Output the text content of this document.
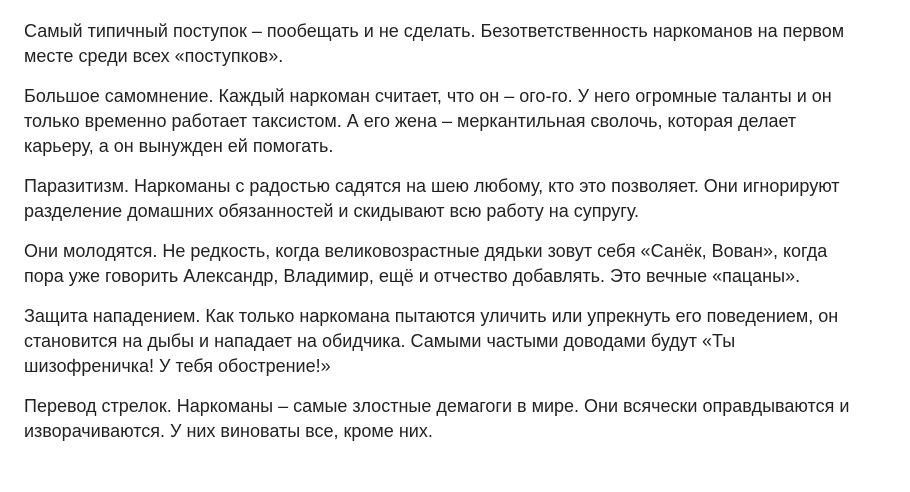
Самый типичный поступок – пообещать и не сделать. Безответственность наркоманов на первом
месте среди всех «поступков».

Большое самомнение. Каждый наркоман считает, что он – ого-го. У него огромные таланты и он
только временно работает таксистом. А его жена – меркантильная сволочь, которая делает
карьеру, а он вынужден ей помогать.

Паразитизм. Наркоманы с радостью садятся на шею любому, кто это позволяет. Они игнорируют
разделение домашних обязанностей и скидывают всю работу на супругу.

Они молодятся. Не редкость, когда великовозрастные дядьки зовут себя «Санёк, Вован», когда
пора уже говорить Александр, Владимир, ещё и отчество добавлять. Это вечные «пацаны».

Защита нападением. Как только наркомана пытаются уличить или упрекнуть его поведением, он
становится на дыбы и нападает на обидчика. Самыми частыми доводами будут «Ты
шизофреничка! У тебя обострение!»

Перевод стрелок. Наркоманы – самые злостные демагоги в мире. Они всячески оправдываются и
изворачиваются. У них виноваты все, кроме них.
